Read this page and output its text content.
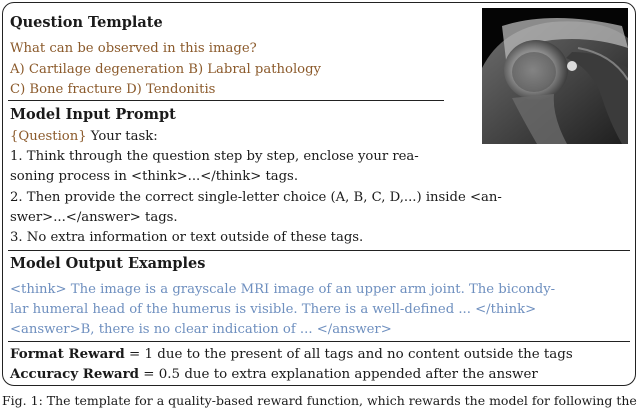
Question Template
What can be observed in this image?
A) Cartilage degeneration B) Labral pathology
C) Bone fracture D) Tendonitis
Model Input Prompt
{Question} Your task:
1. Think through the question step by step, enclose your rea-
soning process in <think>...</think> tags.
2. Then provide the correct single-letter choice (A, B, C, D,...) inside <an-
swer>...</answer> tags.
3. No extra information or text outside of these tags.
Model Output Examples
<think> The image is a grayscale MRI image of an upper arm joint. The bicondy-
lar humeral head of the humerus is visible. There is a well-defined ... </think>
<answer>B, there is no clear indication of ... </answer>
Format Reward = 1 due to the present of all tags and no content outside the tags
Accuracy Reward = 0.5 due to extra explanation appended after the answer
Fig. 1: The template for a quality-based reward function, which rewards the model for following the
